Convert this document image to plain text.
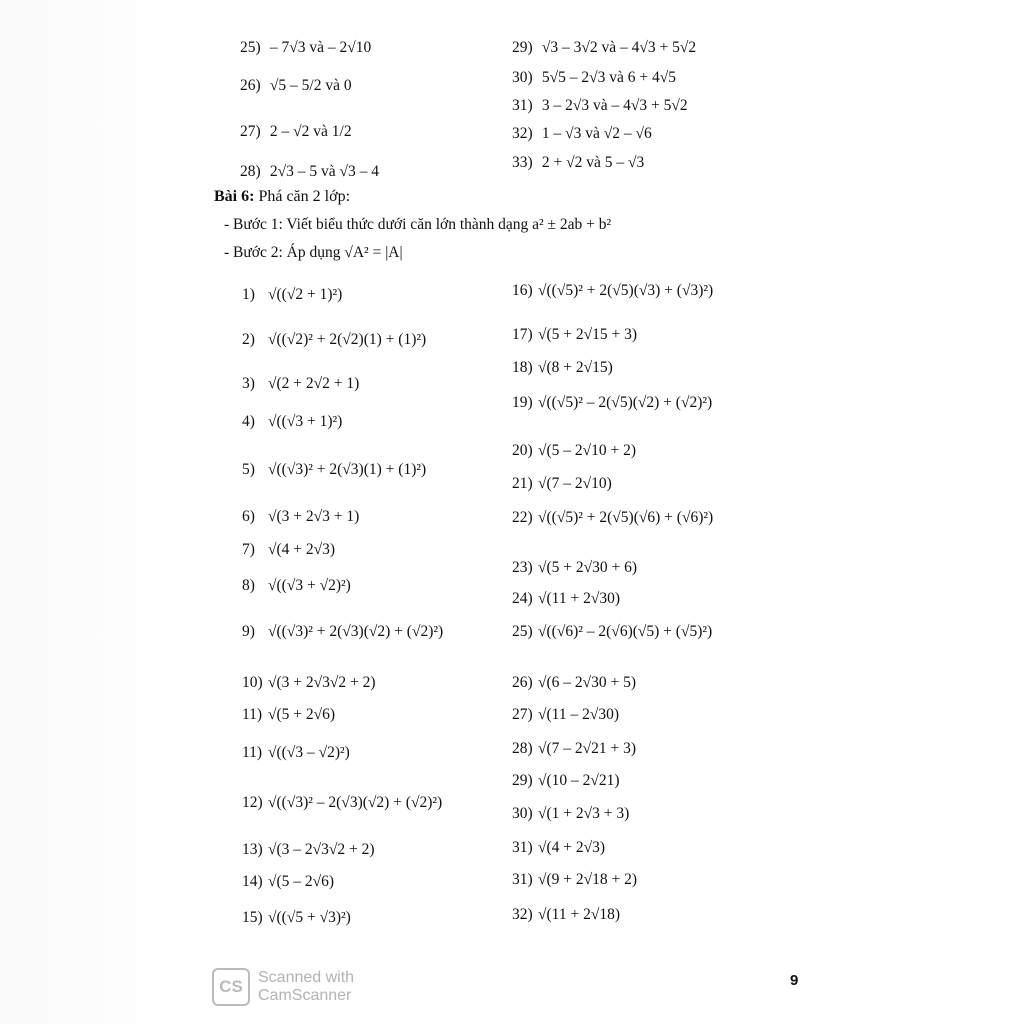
25) – 7√3 và – 2√10
26) √5 – 5/2 và 0
27) 2 – √2 và 1/2
28) 2√3 – 5 và √3 – 4
29) √3 – 3√2 và – 4√3 + 5√2
30) 5√5 – 2√3 và 6 + 4√5
31) 3 – 2√3 và – 4√3 + 5√2
32) 1 – √3 và √2 – √6
33) 2 + √2 và 5 – √3
Bài 6: Phá căn 2 lớp:
- Bước 1: Viết biểu thức dưới căn lớn thành dạng a² ± 2ab + b²
- Bước 2: Áp dụng √A² = |A|
1) √((√2 + 1)²)
2) √((√2)² + 2(√2)(1) + (1)²)
3) √(2 + 2√2 + 1)
4) √((√3 + 1)²)
5) √((√3)² + 2(√3)(1) + (1)²)
6) √(3 + 2√3 + 1)
7) √(4 + 2√3)
8) √((√3 + √2)²)
9) √((√3)² + 2(√3)(√2) + (√2)²)
10) √(3 + 2√3√2 + 2)
11) √(5 + 2√6)
11) √((√3 – √2)²)
12) √((√3)² – 2(√3)(√2) + (√2)²)
13) √(3 – 2√3√2 + 2)
14) √(5 – 2√6)
15) √((√5 + √3)²)
16) √((√5)² + 2(√5)(√3) + (√3)²)
17) √(5 + 2√15 + 3)
18) √(8 + 2√15)
19) √((√5)² – 2(√5)(√2) + (√2)²)
20) √(5 – 2√10 + 2)
21) √(7 – 2√10)
22) √((√5)² + 2(√5)(√6) + (√6)²)
23) √(5 + 2√30 + 6)
24) √(11 + 2√30)
25) √((√6)² – 2(√6)(√5) + (√5)²)
26) √(6 – 2√30 + 5)
27) √(11 – 2√30)
28) √(7 – 2√21 + 3)
29) √(10 – 2√21)
30) √(1 + 2√3 + 3)
31) √(4 + 2√3)
31) √(9 + 2√18 + 2)
32) √(11 + 2√18)
CS Scanned with
CamScanner
9
